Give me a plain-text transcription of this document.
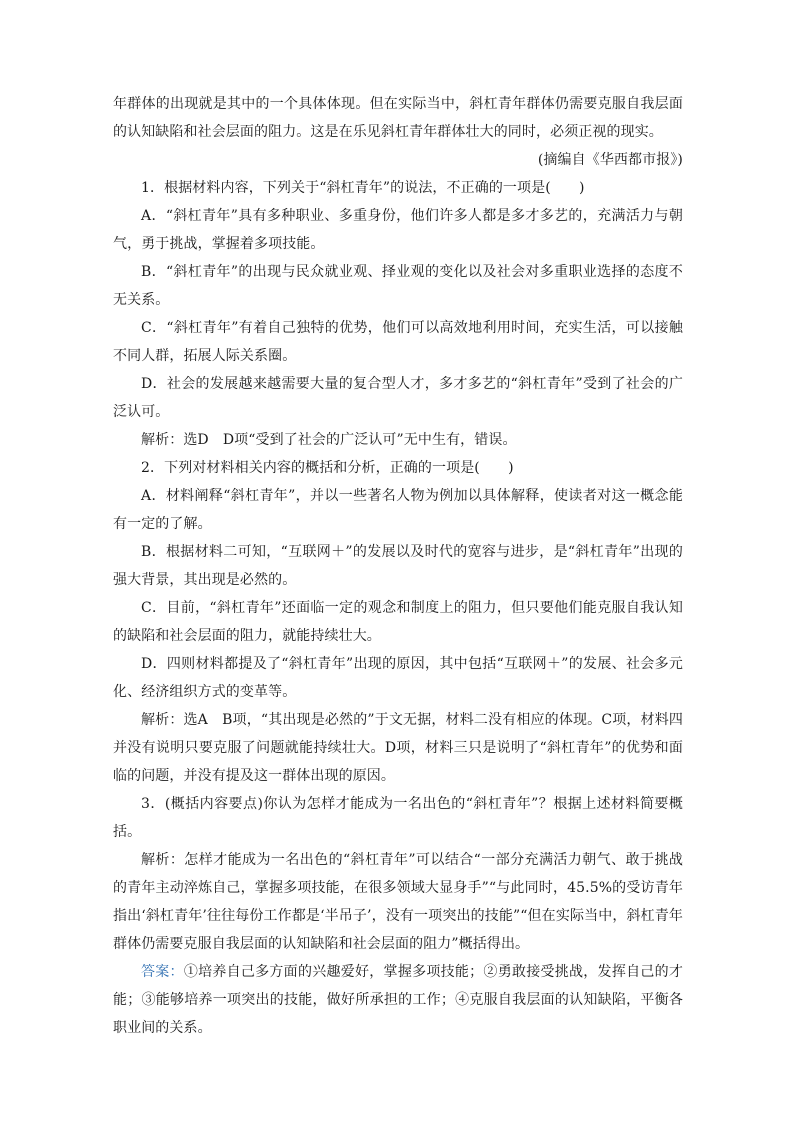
年群体的出现就是其中的一个具体体现。但在实际当中，斜杠青年群体仍需要克服自我层面的认知缺陷和社会层面的阻力。这是在乐见斜杠青年群体壮大的同时，必须正视的现实。

(摘编自《华西都市报》)

1．根据材料内容，下列关于“斜杠青年”的说法，不正确的一项是(　　)

A．“斜杠青年”具有多种职业、多重身份，他们许多人都是多才多艺的，充满活力与朝气，勇于挑战，掌握着多项技能。

B．“斜杠青年”的出现与民众就业观、择业观的变化以及社会对多重职业选择的态度不无关系。

C．“斜杠青年”有着自己独特的优势，他们可以高效地利用时间，充实生活，可以接触不同人群，拓展人际关系圈。

D．社会的发展越来越需要大量的复合型人才，多才多艺的“斜杠青年”受到了社会的广泛认可。

解析：选D　D项“受到了社会的广泛认可”无中生有，错误。

2．下列对材料相关内容的概括和分析，正确的一项是(　　)

A．材料阐释“斜杠青年”，并以一些著名人物为例加以具体解释，使读者对这一概念能有一定的了解。

B．根据材料二可知，“互联网＋”的发展以及时代的宽容与进步，是“斜杠青年”出现的强大背景，其出现是必然的。

C．目前，“斜杠青年”还面临一定的观念和制度上的阻力，但只要他们能克服自我认知的缺陷和社会层面的阻力，就能持续壮大。

D．四则材料都提及了“斜杠青年”出现的原因，其中包括“互联网＋”的发展、社会多元化、经济组织方式的变革等。

解析：选A　B项，“其出现是必然的”于文无据，材料二没有相应的体现。C项，材料四并没有说明只要克服了问题就能持续壮大。D项，材料三只是说明了“斜杠青年”的优势和面临的问题，并没有提及这一群体出现的原因。

3．(概括内容要点)你认为怎样才能成为一名出色的“斜杠青年”？根据上述材料简要概括。

解析：怎样才能成为一名出色的“斜杠青年”可以结合“一部分充满活力朝气、敢于挑战的青年主动淬炼自己，掌握多项技能，在很多领域大显身手”“与此同时，45.5%的受访青年指出‘斜杠青年’往往每份工作都是‘半吊子’，没有一项突出的技能”“但在实际当中，斜杠青年群体仍需要克服自我层面的认知缺陷和社会层面的阻力”概括得出。

答案：①培养自己多方面的兴趣爱好，掌握多项技能；②勇敢接受挑战，发挥自己的才能；③能够培养一项突出的技能，做好所承担的工作；④克服自我层面的认知缺陷，平衡各职业间的关系。
